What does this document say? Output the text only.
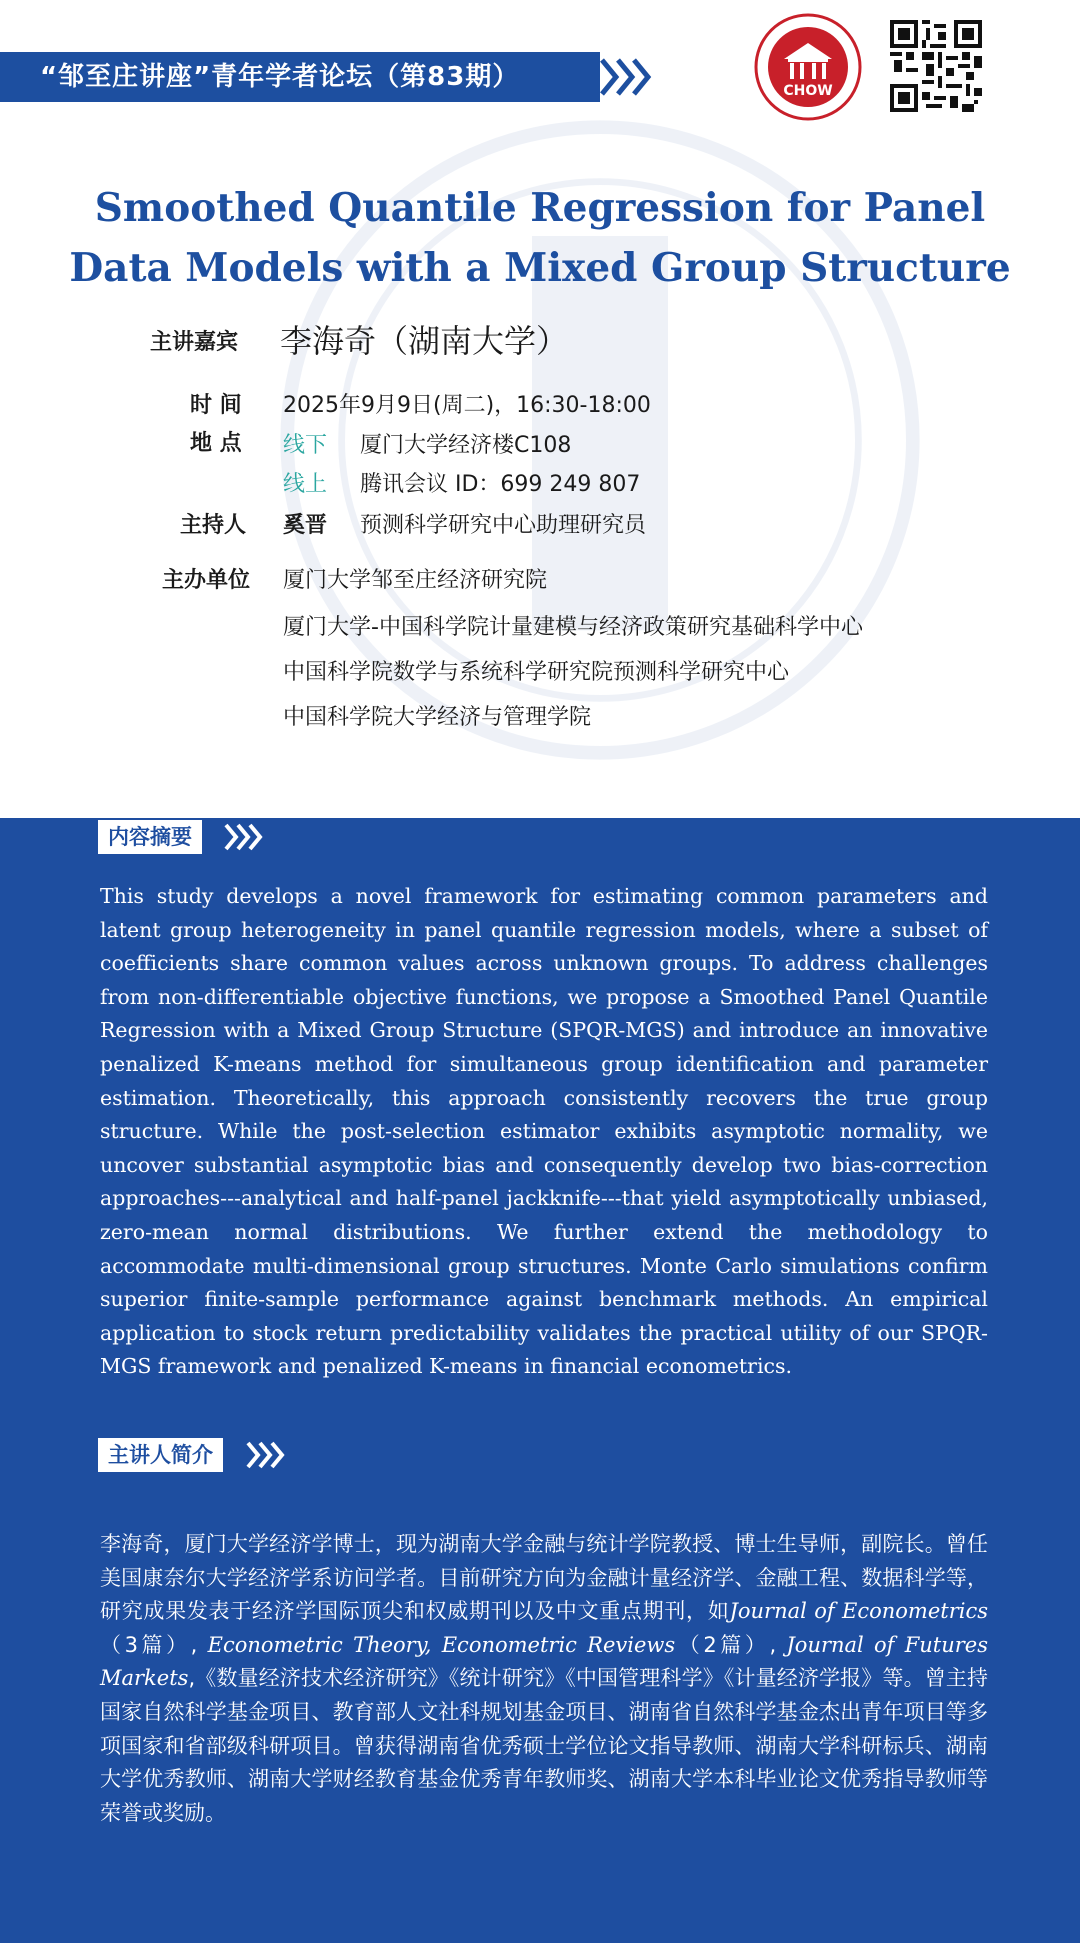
“邹至庄讲座”青年学者论坛（第83期）	CHOW
Smoothed Quantile Regression for Panel
Data Models with a Mixed Group Structure
主讲嘉宾 李海奇（湖南大学）
时 间 2025年9月9日(周二)，16:30-18:00
地 点 线下 厦门大学经济楼C108
线上 腾讯会议 ID：699 249 807
主持人 奚晋 预测科学研究中心助理研究员
主办单位 厦门大学邹至庄经济研究院
厦门大学-中国科学院计量建模与经济政策研究基础科学中心
中国科学院数学与系统科学研究院预测科学研究中心
中国科学院大学经济与管理学院
内容摘要
This study develops a novel framework for estimating common parameters and latent group heterogeneity in panel quantile regression models, where a subset of coefficients share common values across unknown groups. To address challenges from non-differentiable objective functions, we propose a Smoothed Panel Quantile Regression with a Mixed Group Structure (SPQR-MGS) and introduce an innovative penalized K-means method for simultaneous group identification and parameter estimation. Theoretically, this approach consistently recovers the true group structure. While the post-selection estimator exhibits asymptotic normality, we uncover substantial asymptotic bias and consequently develop two bias-correction approaches---analytical and half-panel jackknife---that yield asymptotically unbiased, zero-mean normal distributions. We further extend the methodology to accommodate multi-dimensional group structures. Monte Carlo simulations confirm superior finite-sample performance against benchmark methods. An empirical application to stock return predictability validates the practical utility of our SPQR-MGS framework and penalized K-means in financial econometrics.
主讲人简介
李海奇，厦门大学经济学博士，现为湖南大学金融与统计学院教授、博士生导师，副院长。曾任美国康奈尔大学经济学系访问学者。目前研究方向为金融计量经济学、金融工程、数据科学等，研究成果发表于经济学国际顶尖和权威期刊以及中文重点期刊，如Journal of Econometrics（3篇）, Econometric Theory, Econometric Reviews（2篇）, Journal of Futures Markets,《数量经济技术经济研究》《统计研究》《中国管理科学》《计量经济学报》等。曾主持国家自然科学基金项目、教育部人文社科规划基金项目、湖南省自然科学基金杰出青年项目等多项国家和省部级科研项目。曾获得湖南省优秀硕士学位论文指导教师、湖南大学科研标兵、湖南大学优秀教师、湖南大学财经教育基金优秀青年教师奖、湖南大学本科毕业论文优秀指导教师等荣誉或奖励。
